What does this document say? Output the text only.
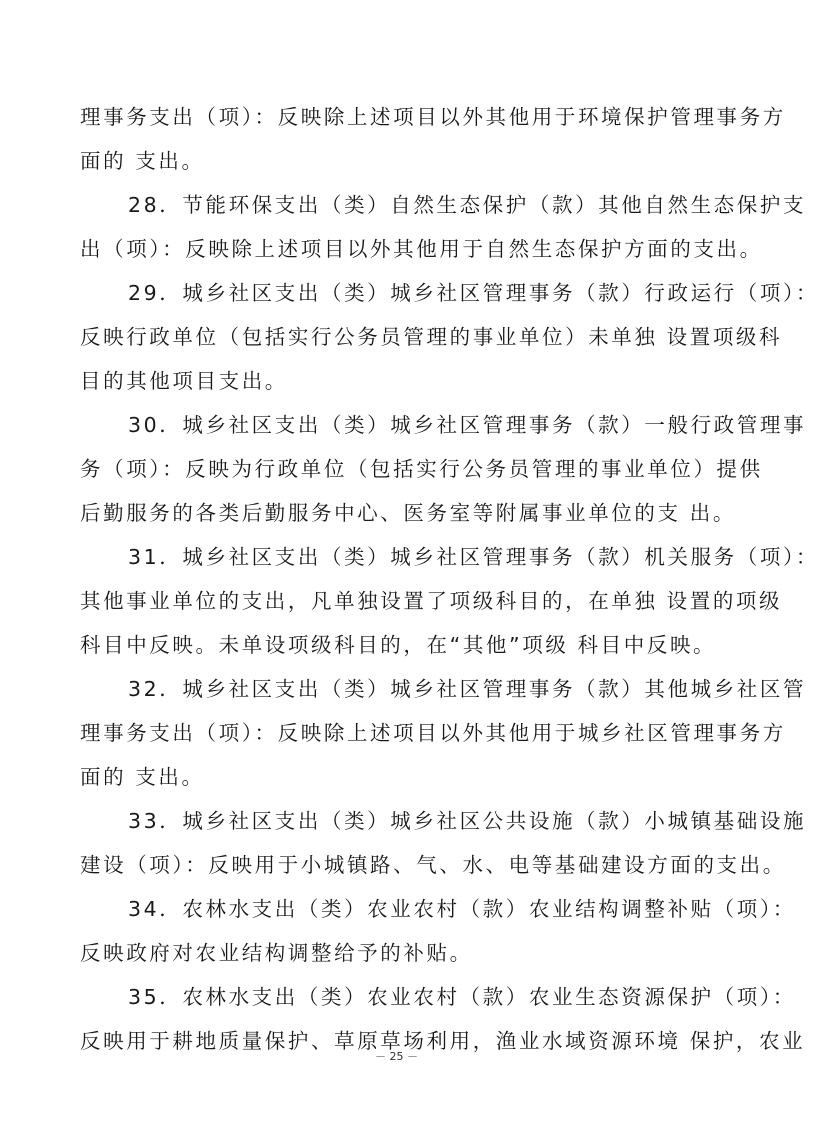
理事务支出（项）：反映除上述项目以外其他用于环境保护管理事务方
面的 支出。
28．节能环保支出（类）自然生态保护（款）其他自然生态保护支
出（项）：反映除上述项目以外其他用于自然生态保护方面的支出。
29．城乡社区支出（类）城乡社区管理事务（款）行政运行（项）：
反映行政单位（包括实行公务员管理的事业单位）未单独 设置项级科
目的其他项目支出。
30．城乡社区支出（类）城乡社区管理事务（款）一般行政管理事
务（项）：反映为行政单位（包括实行公务员管理的事业单位）提供
后勤服务的各类后勤服务中心、医务室等附属事业单位的支 出。
31．城乡社区支出（类）城乡社区管理事务（款）机关服务（项）：
其他事业单位的支出，凡单独设置了项级科目的，在单独 设置的项级
科目中反映。未单设项级科目的，在“其他”项级 科目中反映。
32．城乡社区支出（类）城乡社区管理事务（款）其他城乡社区管
理事务支出（项）：反映除上述项目以外其他用于城乡社区管理事务方
面的 支出。
33．城乡社区支出（类）城乡社区公共设施（款）小城镇基础设施
建设（项）：反映用于小城镇路、气、水、电等基础建设方面的支出。
34．农林水支出（类）农业农村（款）农业结构调整补贴（项）：
反映政府对农业结构调整给予的补贴。
35．农林水支出（类）农业农村（款）农业生态资源保护（项）：
反映用于耕地质量保护、草原草场利用，渔业水域资源环境 保护，农业
－ 25 －
